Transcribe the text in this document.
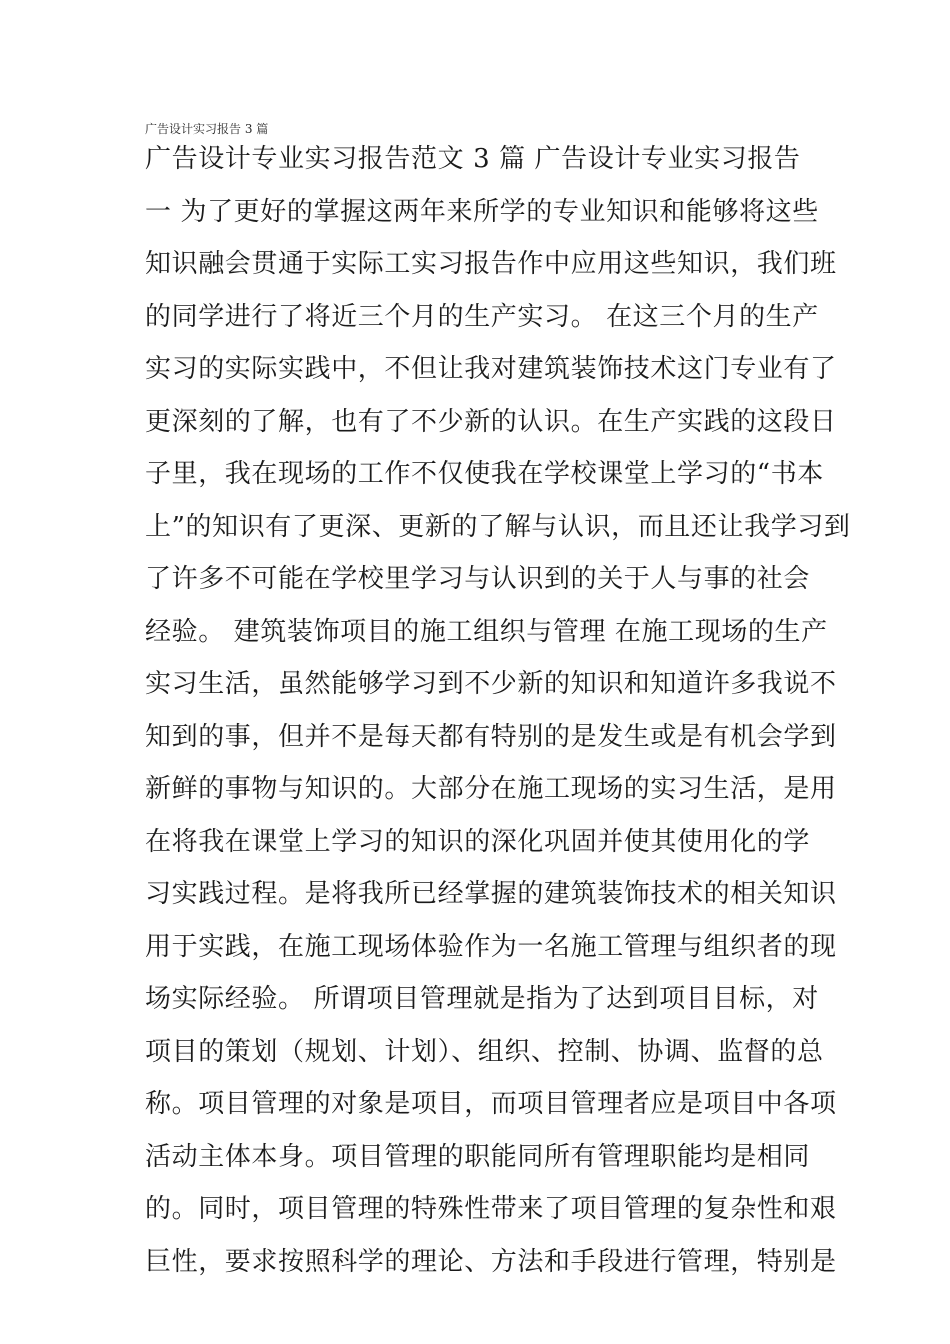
广告设计实习报告 3 篇
广告设计专业实习报告范文 3 篇 广告设计专业实习报告
一 为了更好的掌握这两年来所学的专业知识和能够将这些
知识融会贯通于实际工实习报告作中应用这些知识，我们班
的同学进行了将近三个月的生产实习。 在这三个月的生产
实习的实际实践中，不但让我对建筑装饰技术这门专业有了
更深刻的了解，也有了不少新的认识。在生产实践的这段日
子里，我在现场的工作不仅使我在学校课堂上学习的“书本
上”的知识有了更深、更新的了解与认识，而且还让我学习到
了许多不可能在学校里学习与认识到的关于人与事的社会
经验。 建筑装饰项目的施工组织与管理 在施工现场的生产
实习生活，虽然能够学习到不少新的知识和知道许多我说不
知到的事，但并不是每天都有特别的是发生或是有机会学到
新鲜的事物与知识的。大部分在施工现场的实习生活，是用
在将我在课堂上学习的知识的深化巩固并使其使用化的学
习实践过程。是将我所已经掌握的建筑装饰技术的相关知识
用于实践，在施工现场体验作为一名施工管理与组织者的现
场实际经验。 所谓项目管理就是指为了达到项目目标，对
项目的策划（规划、计划）、组织、控制、协调、监督的总
称。项目管理的对象是项目，而项目管理者应是项目中各项
活动主体本身。项目管理的职能同所有管理职能均是相同
的。同时，项目管理的特殊性带来了项目管理的复杂性和艰
巨性，要求按照科学的理论、方法和手段进行管理，特别是
